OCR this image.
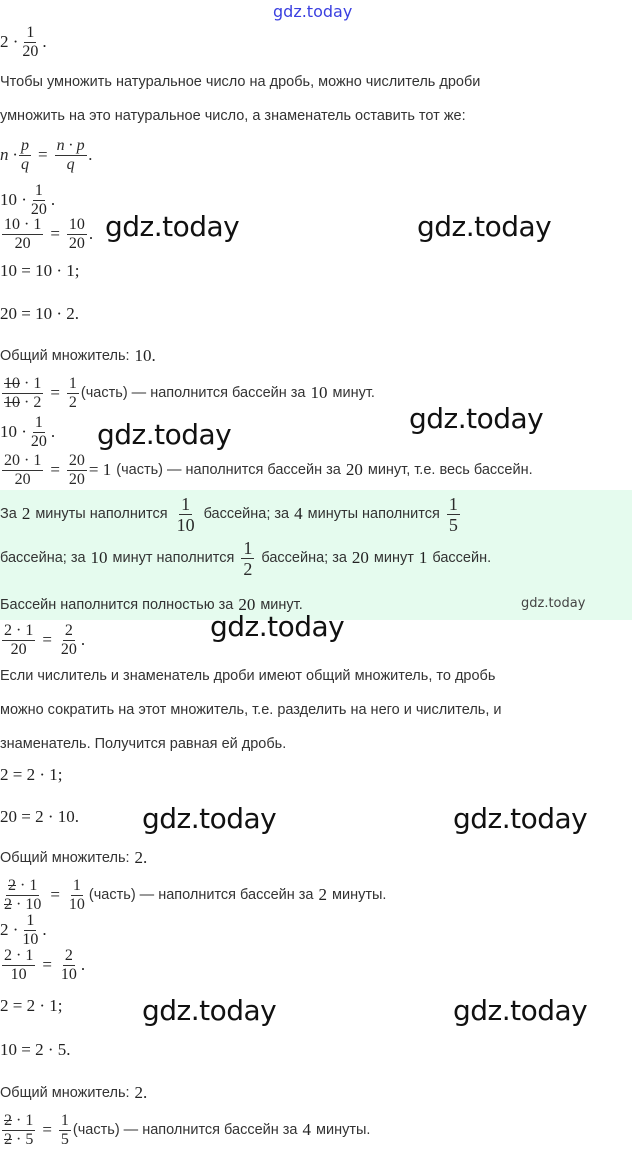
gdz.today
$2 \cdot \frac{1}{20}$ .
Чтобы умножить натуральное число на дробь, можно числитель дроби
умножить на это натуральное число, а знаменатель оставить тот же:
$n \cdot \frac{p}{q} = \frac{n \cdot p}{q}$ .
$10 \cdot \frac{1}{20}$ .
$\frac{10 \cdot 1}{20} = \frac{10}{20}$ .
10 = 10 · 1;
20 = 10 · 2.
Общий множитель: 10.
$\frac{10 \cdot 1}{10 \cdot 2} = \frac{1}{2}$ (часть) — наполнится бассейн за 10 минут.
$10 \cdot \frac{1}{20}$ .
$\frac{20 \cdot 1}{20} = \frac{20}{20} = 1$ (часть) — наполнится бассейн за 20 минут, т.е. весь бассейн.
За 2 минуты наполнится $\frac{1}{10}$ бассейна; за 4 минуты наполнится $\frac{1}{5}$
бассейна; за 10 минут наполнится $\frac{1}{2}$ бассейна; за 20 минут 1 бассейн.
Бассейн наполнится полностью за 20 минут.	gdz.today
$\frac{2 \cdot 1}{20} = \frac{2}{20}$ .
Если числитель и знаменатель дроби имеют общий множитель, то дробь
можно сократить на этот множитель, т.е. разделить на него и числитель, и
знаменатель. Получится равная ей дробь.
2 = 2 · 1;
20 = 2 · 10.
Общий множитель: 2.
$\frac{2 \cdot 1}{2 \cdot 10} = \frac{1}{10}$ (часть) — наполнится бассейн за 2 минуты.
$2 \cdot \frac{1}{10}$ .
$\frac{2 \cdot 1}{10} = \frac{2}{10}$ .
2 = 2 · 1;
10 = 2 · 5.
Общий множитель: 2.
$\frac{2 \cdot 1}{2 \cdot 5} = \frac{1}{5}$ (часть) — наполнится бассейн за 4 минуты.
gdz.today	gdz.today
gdz.today
gdz.today
gdz.today
gdz.today	gdz.today
gdz.today	gdz.today
